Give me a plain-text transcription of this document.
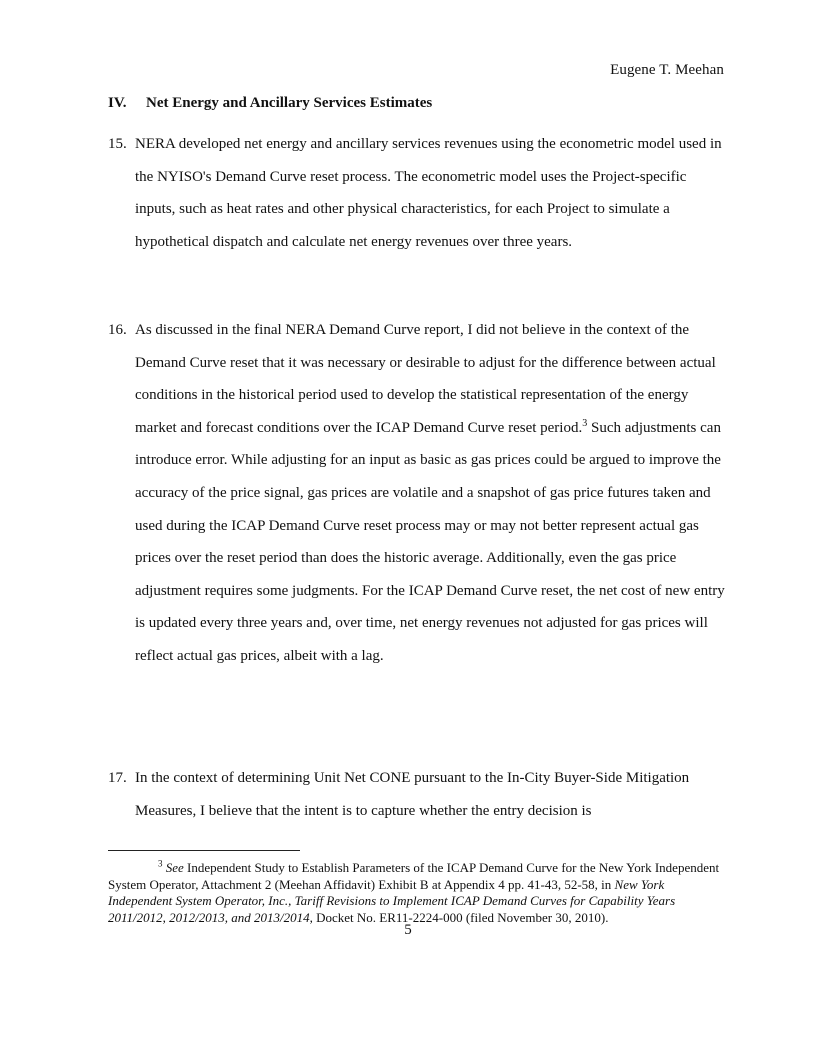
Eugene T. Meehan
IV. Net Energy and Ancillary Services Estimates
15. NERA developed net energy and ancillary services revenues using the econometric model used in the NYISO's Demand Curve reset process. The econometric model uses the Project-specific inputs, such as heat rates and other physical characteristics, for each Project to simulate a hypothetical dispatch and calculate net energy revenues over three years.
16. As discussed in the final NERA Demand Curve report, I did not believe in the context of the Demand Curve reset that it was necessary or desirable to adjust for the difference between actual conditions in the historical period used to develop the statistical representation of the energy market and forecast conditions over the ICAP Demand Curve reset period.$^3$ Such adjustments can introduce error. While adjusting for an input as basic as gas prices could be argued to improve the accuracy of the price signal, gas prices are volatile and a snapshot of gas price futures taken and used during the ICAP Demand Curve reset process may or may not better represent actual gas prices over the reset period than does the historic average. Additionally, even the gas price adjustment requires some judgments. For the ICAP Demand Curve reset, the net cost of new entry is updated every three years and, over time, net energy revenues not adjusted for gas prices will reflect actual gas prices, albeit with a lag.
17. In the context of determining Unit Net CONE pursuant to the In-City Buyer-Side Mitigation Measures, I believe that the intent is to capture whether the entry decision is
$^3$ See Independent Study to Establish Parameters of the ICAP Demand Curve for the New York Independent System Operator, Attachment 2 (Meehan Affidavit) Exhibit B at Appendix 4 pp. 41-43, 52-58, in New York Independent System Operator, Inc., Tariff Revisions to Implement ICAP Demand Curves for Capability Years 2011/2012, 2012/2013, and 2013/2014, Docket No. ER11-2224-000 (filed November 30, 2010).
5
